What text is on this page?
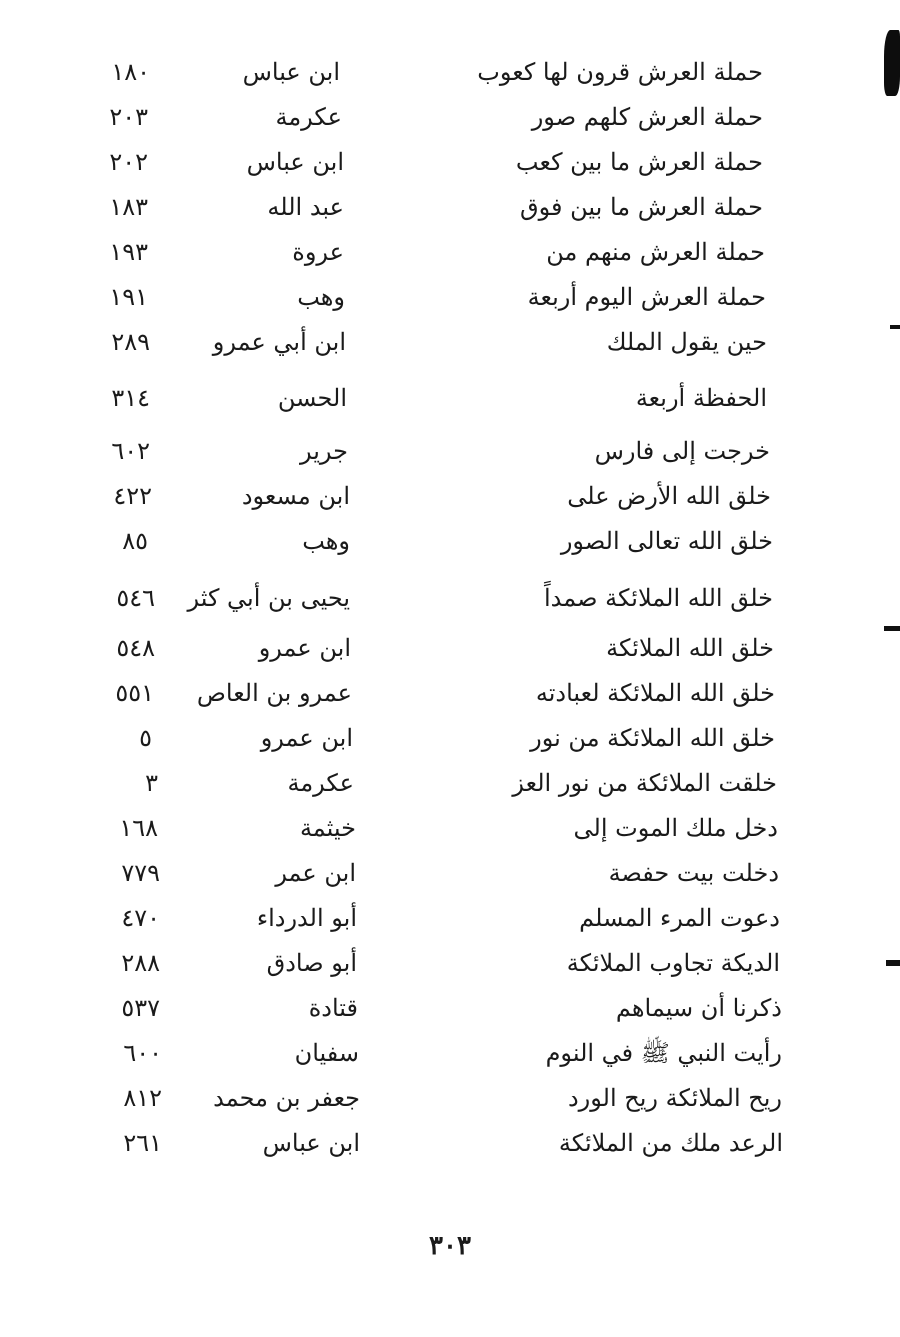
حملة العرش قرون لها كعوب
ابن عباس
١٨٠
حملة العرش كلهم صور
عكرمة
٢٠٣
حملة العرش ما بين كعب
ابن عباس
٢٠٢
حملة العرش ما بين فوق
عبد الله
١٨٣
حملة العرش منهم من
عروة
١٩٣
حملة العرش اليوم أربعة
وهب
١٩١
حين يقول الملك
ابن أبي عمرو
٢٨٩
الحفظة أربعة
الحسن
٣١٤
خرجت إلى فارس
جرير
٦٠٢
خلق الله الأرض على
ابن مسعود
٤٢٢
خلق الله تعالى الصور
وهب
٨٥
خلق الله الملائكة صمداً
يحيى بن أبي كثر
٥٤٦
خلق الله الملائكة
ابن عمرو
٥٤٨
خلق الله الملائكة لعبادته
عمرو بن العاص
٥٥١
خلق الله الملائكة من نور
ابن عمرو
٥
خلقت الملائكة من نور العز
عكرمة
٣
دخل ملك الموت إلى
خيثمة
١٦٨
دخلت بيت حفصة
ابن عمر
٧٧٩
دعوت المرء المسلم
أبو الدرداء
٤٧٠
الديكة تجاوب الملائكة
أبو صادق
٢٨٨
ذكرنا أن سيماهم
قتادة
٥٣٧
رأيت النبي ﷺ في النوم
سفيان
٦٠٠
ريح الملائكة ريح الورد
جعفر بن محمد
٨١٢
الرعد ملك من الملائكة
ابن عباس
٢٦١
٣٠٣
